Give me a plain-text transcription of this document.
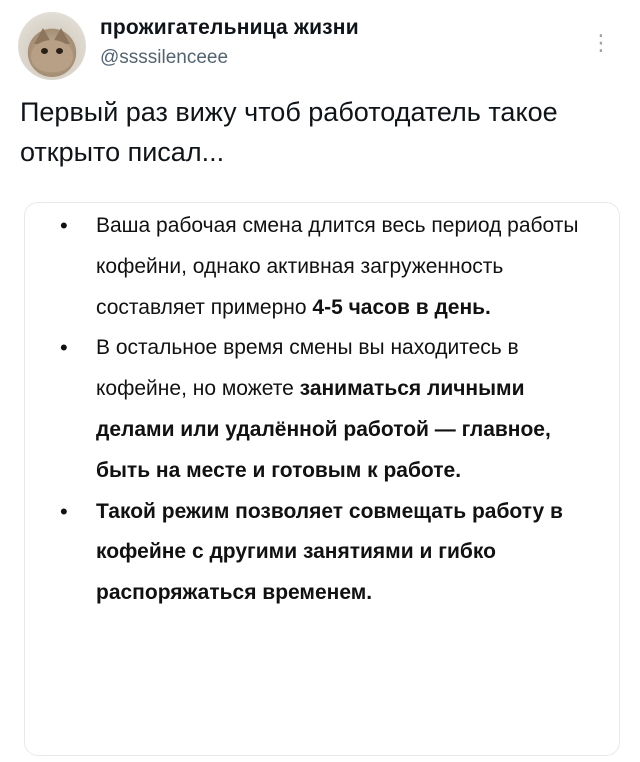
прожигательница жизни
@ssssilenceee
⋮
Первый раз вижу чтоб работодатель такое открыто писал...
• Ваша рабочая смена длится весь период работы кофейни, однако активная загруженность составляет примерно 4-5 часов в день.
• В остальное время смены вы находитесь в кофейне, но можете заниматься личными делами или удалённой работой — главное, быть на месте и готовым к работе.
• Такой режим позволяет совмещать работу в кофейне с другими занятиями и гибко распоряжаться временем.
